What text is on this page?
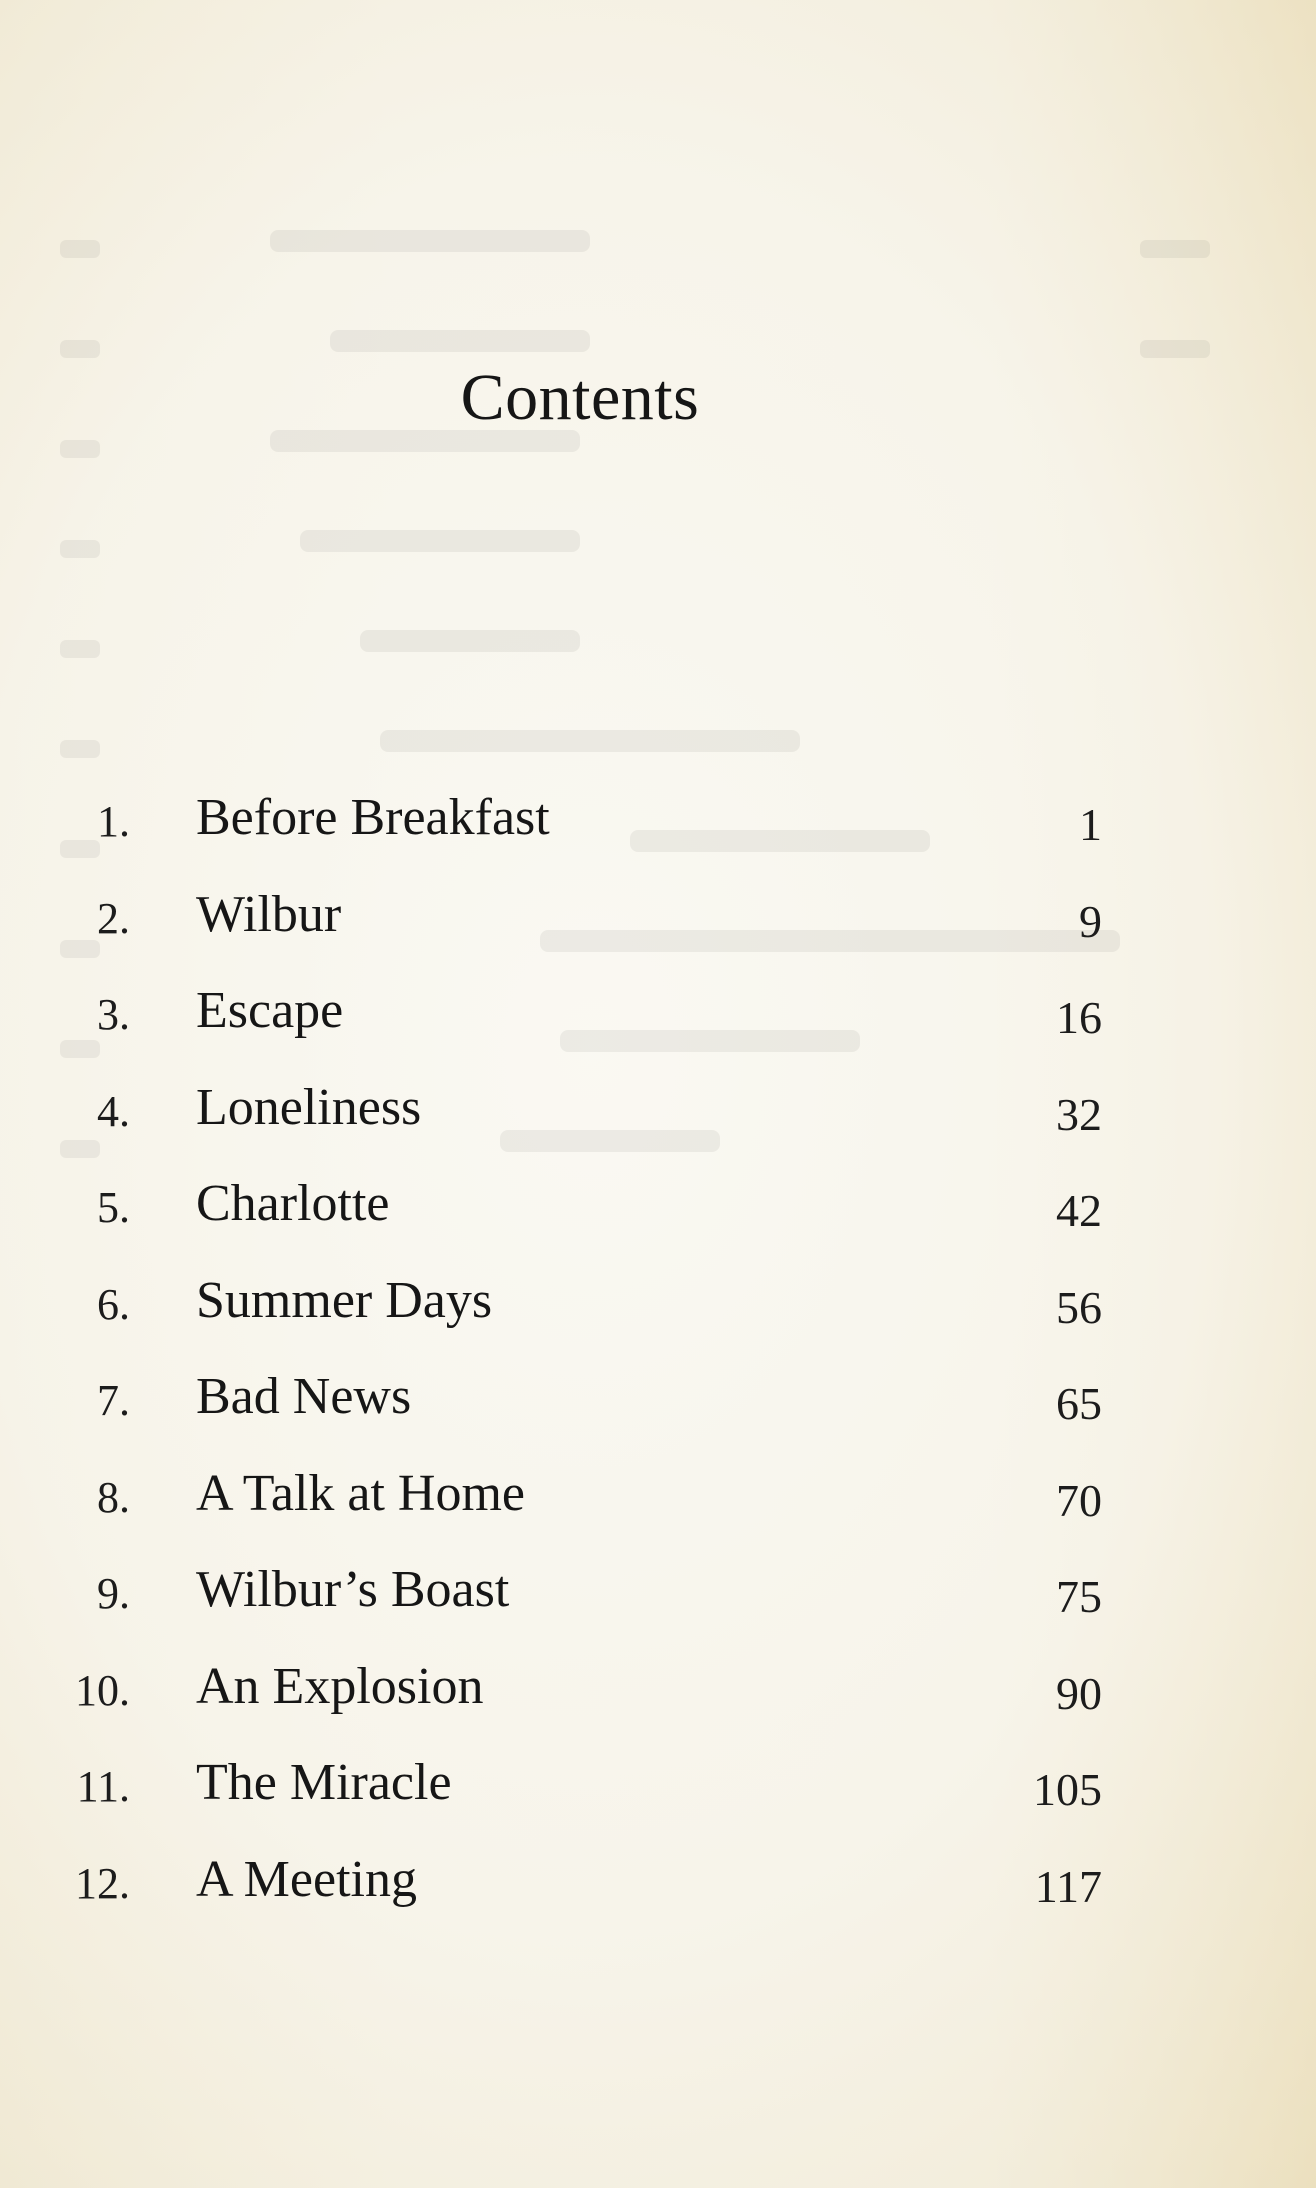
Contents
1. Before Breakfast	1
2. Wilbur	9
3. Escape	16
4. Loneliness	32
5. Charlotte	42
6. Summer Days	56
7. Bad News	65
8. A Talk at Home	70
9. Wilbur’s Boast	75
10. An Explosion	90
11. The Miracle	105
12. A Meeting	117
